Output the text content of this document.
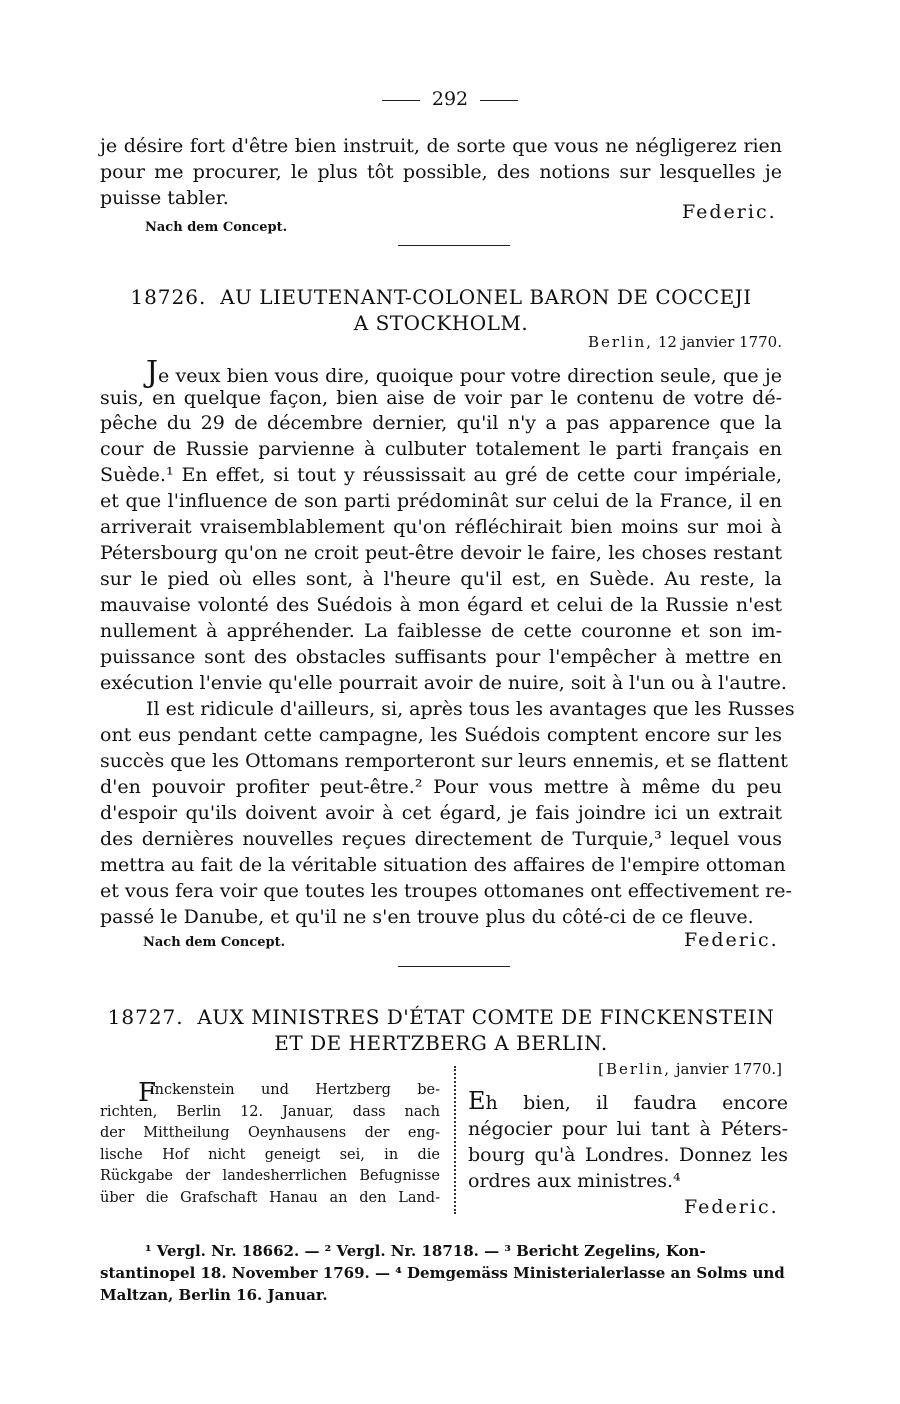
292
je désire fort d'être bien instruit, de sorte que vous ne négligerez rien
pour me procurer, le plus tôt possible, des notions sur lesquelles je
puisse tabler.
Nach dem Concept.
Federic.
18726. AU LIEUTENANT-COLONEL BARON DE COCCEJI
A STOCKHOLM.
Berlin, 12 janvier 1770.
Je veux bien vous dire, quoique pour votre direction seule, que je
suis, en quelque façon, bien aise de voir par le contenu de votre dé-
pêche du 29 de décembre dernier, qu'il n'y a pas apparence que la
cour de Russie parvienne à culbuter totalement le parti français en
Suède.¹ En effet, si tout y réussissait au gré de cette cour impériale,
et que l'influence de son parti prédominât sur celui de la France, il en
arriverait vraisemblablement qu'on réfléchirait bien moins sur moi à
Pétersbourg qu'on ne croit peut-être devoir le faire, les choses restant
sur le pied où elles sont, à l'heure qu'il est, en Suède. Au reste, la
mauvaise volonté des Suédois à mon égard et celui de la Russie n'est
nullement à appréhender. La faiblesse de cette couronne et son im-
puissance sont des obstacles suffisants pour l'empêcher à mettre en
exécution l'envie qu'elle pourrait avoir de nuire, soit à l'un ou à l'autre.
Il est ridicule d'ailleurs, si, après tous les avantages que les Russes
ont eus pendant cette campagne, les Suédois comptent encore sur les
succès que les Ottomans remporteront sur leurs ennemis, et se flattent
d'en pouvoir profiter peut-être.² Pour vous mettre à même du peu
d'espoir qu'ils doivent avoir à cet égard, je fais joindre ici un extrait
des dernières nouvelles reçues directement de Turquie,³ lequel vous
mettra au fait de la véritable situation des affaires de l'empire ottoman
et vous fera voir que toutes les troupes ottomanes ont effectivement re-
passé le Danube, et qu'il ne s'en trouve plus du côté-ci de ce fleuve.
Nach dem Concept.	Federic.
18727. AUX MINISTRES D'ÉTAT COMTE DE FINCKENSTEIN
ET DE HERTZBERG A BERLIN.
[Berlin, janvier 1770.]
F
inckenstein und Hertzberg be-
richten, Berlin 12. Januar, dass nach
der Mittheilung Oeynhausens der eng-
lische Hof nicht geneigt sei, in die
Rückgabe der landesherrlichen Befugnisse
über die Grafschaft Hanau an den Land-
Eh bien, il faudra encore
négocier pour lui tant à Péters-
bourg qu'à Londres. Donnez les
ordres aux ministres.⁴
Federic.
¹ Vergl. Nr. 18662. — ² Vergl. Nr. 18718. — ³ Bericht Zegelins, Kon-
stantinopel 18. November 1769. — ⁴ Demgemäss Ministerialerlasse an Solms und
Maltzan, Berlin 16. Januar.
